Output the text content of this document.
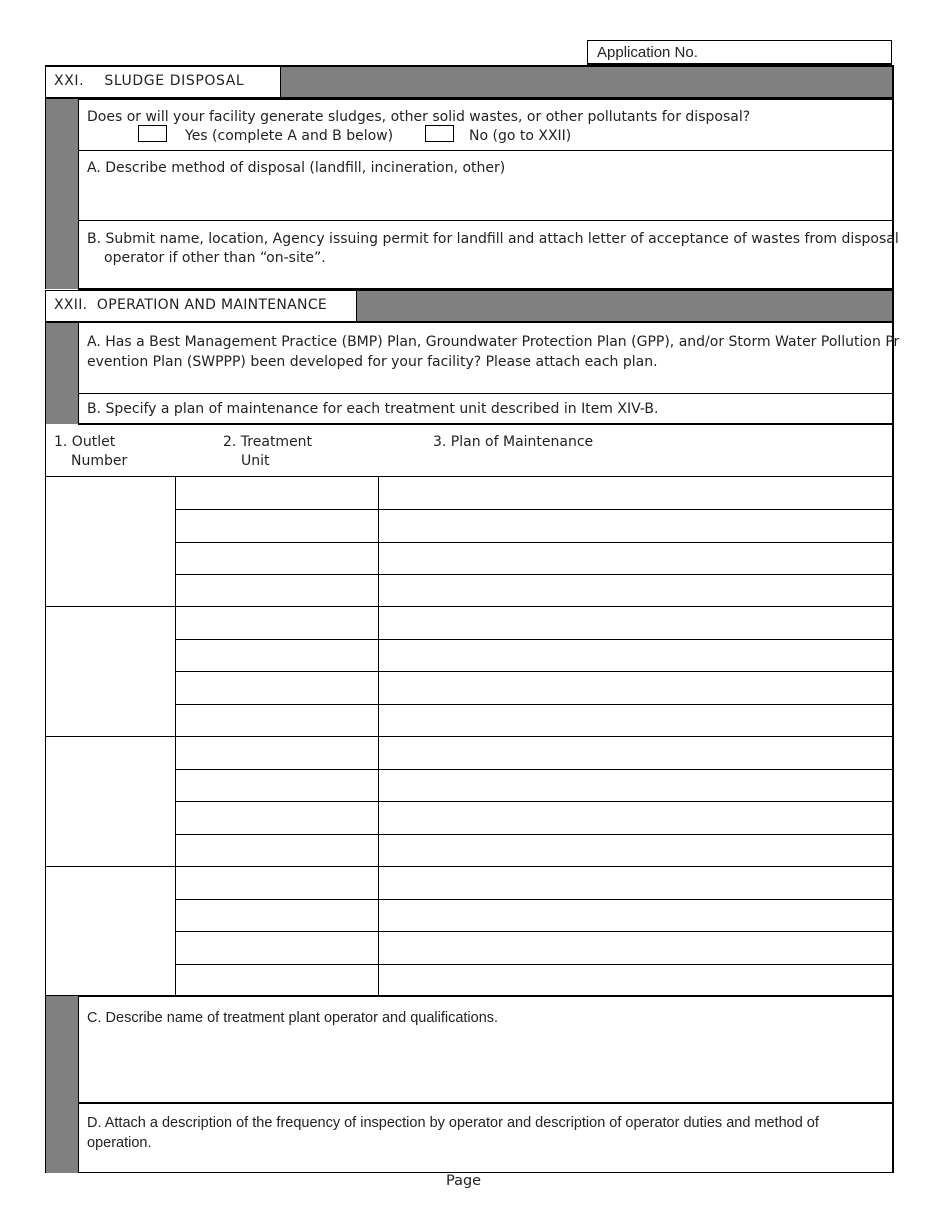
Application No.
XXI.    SLUDGE DISPOSAL
Does or will your facility generate sludges, other solid wastes, or other pollutants for disposal?
Yes (complete A and B below)	No (go to XXII)
A. Describe method of disposal (landfill, incineration, other)
B. Submit name, location, Agency issuing permit for landfill and attach letter of acceptance of wastes from disposal
operator if other than “on-site”.
XXII.  OPERATION AND MAINTENANCE
A. Has a Best Management Practice (BMP) Plan, Groundwater Protection Plan (GPP), and/or Storm Water Pollution Pr
evention Plan (SWPPP) been developed for your facility? Please attach each plan.
B. Specify a plan of maintenance for each treatment unit described in Item XIV-B.
1. Outlet
Number
2. Treatment
Unit
3. Plan of Maintenance
C. Describe name of treatment plant operator and qualifications.
D. Attach a description of the frequency of inspection by operator and description of operator duties and method of
operation.
Page
